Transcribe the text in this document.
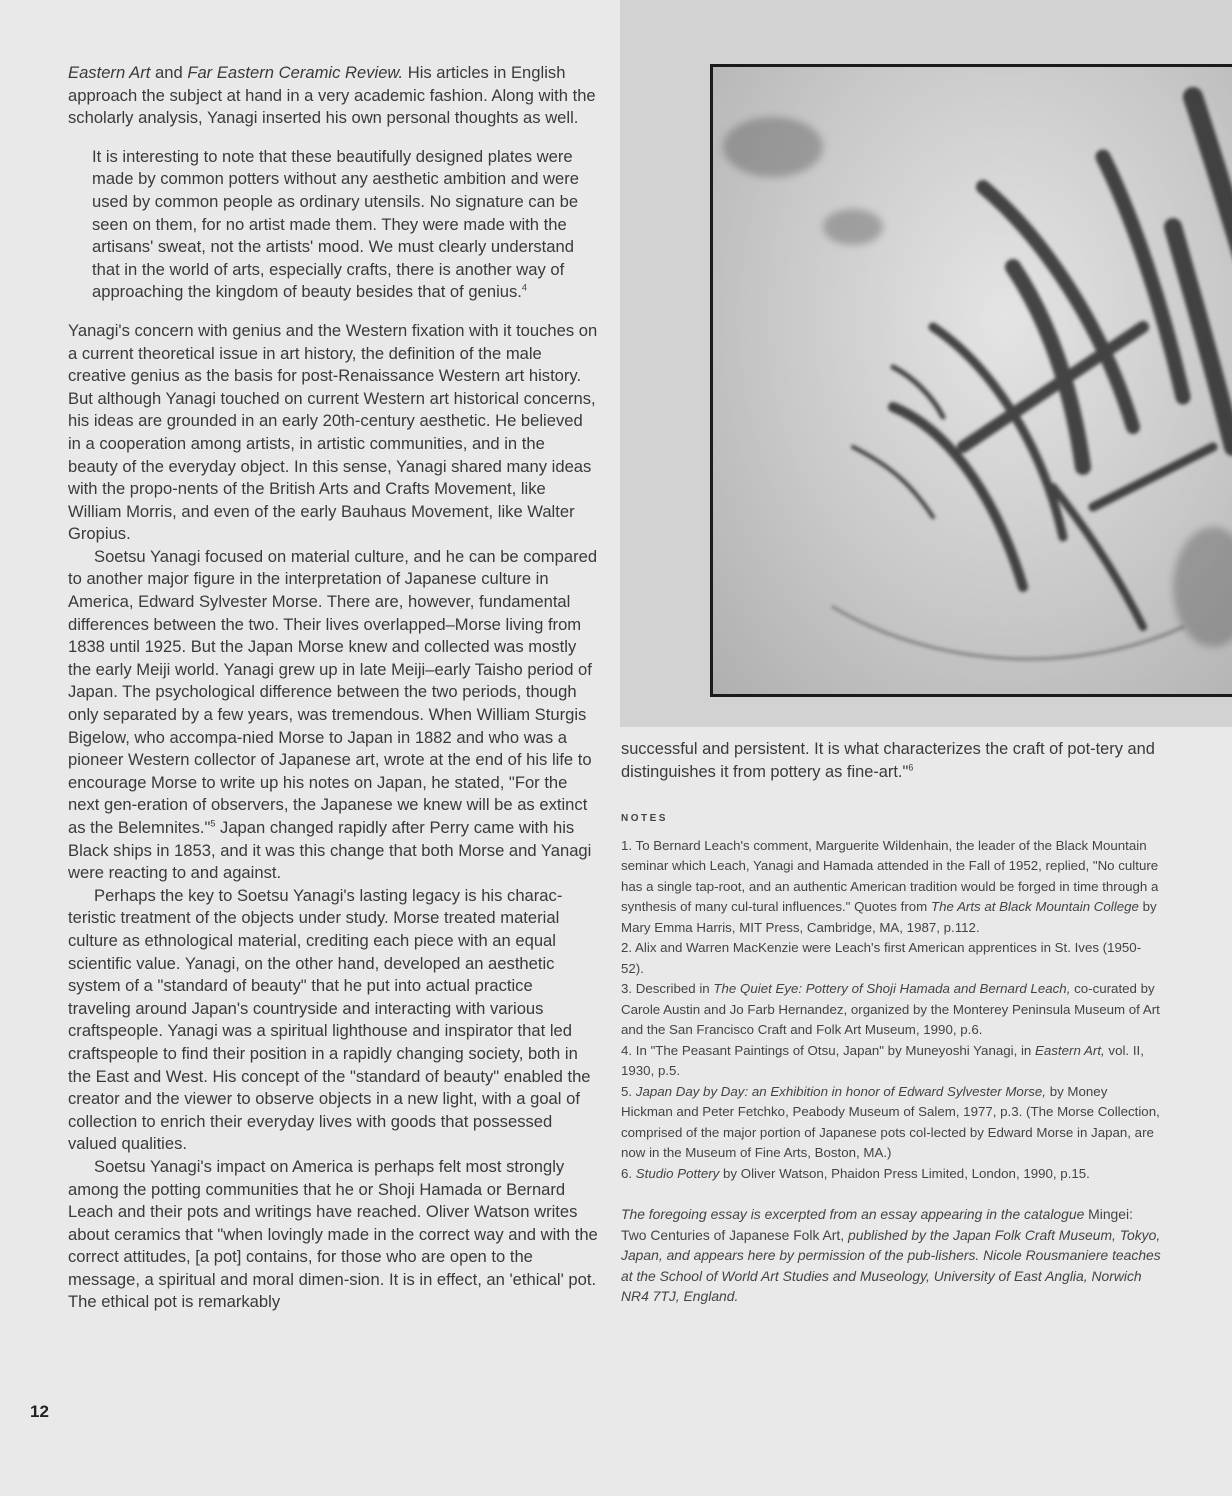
Eastern Art and Far Eastern Ceramic Review. His articles in English approach the subject at hand in a very academic fashion. Along with the scholarly analysis, Yanagi inserted his own personal thoughts as well.

It is interesting to note that these beautifully designed plates were made by common potters without any aesthetic ambition and were used by common people as ordinary utensils. No signature can be seen on them, for no artist made them. They were made with the artisans' sweat, not the artists' mood. We must clearly understand that in the world of arts, especially crafts, there is another way of approaching the kingdom of beauty besides that of genius.$^4$

Yanagi's concern with genius and the Western fixation with it touches on a current theoretical issue in art history, the definition of the male creative genius as the basis for post-Renaissance Western art history. But although Yanagi touched on current Western art historical concerns, his ideas are grounded in an early 20th-century aesthetic. He believed in a cooperation among artists, in artistic communities, and in the beauty of the everyday object. In this sense, Yanagi shared many ideas with the propo-nents of the British Arts and Crafts Movement, like William Morris, and even of the early Bauhaus Movement, like Walter Gropius.

Soetsu Yanagi focused on material culture, and he can be compared to another major figure in the interpretation of Japanese culture in America, Edward Sylvester Morse. There are, however, fundamental differences between the two. Their lives overlapped–Morse living from 1838 until 1925. But the Japan Morse knew and collected was mostly the early Meiji world. Yanagi grew up in late Meiji–early Taisho period of Japan. The psychological difference between the two periods, though only separated by a few years, was tremendous. When William Sturgis Bigelow, who accompa-nied Morse to Japan in 1882 and who was a pioneer Western collector of Japanese art, wrote at the end of his life to encourage Morse to write up his notes on Japan, he stated, "For the next gen-eration of observers, the Japanese we knew will be as extinct as the Belemnites."$^5$ Japan changed rapidly after Perry came with his Black ships in 1853, and it was this change that both Morse and Yanagi were reacting to and against.

Perhaps the key to Soetsu Yanagi's lasting legacy is his charac-teristic treatment of the objects under study. Morse treated material culture as ethnological material, crediting each piece with an equal scientific value. Yanagi, on the other hand, developed an aesthetic system of a "standard of beauty" that he put into actual practice traveling around Japan's countryside and interacting with various craftspeople. Yanagi was a spiritual lighthouse and inspirator that led craftspeople to find their position in a rapidly changing society, both in the East and West. His concept of the "standard of beauty" enabled the creator and the viewer to observe objects in a new light, with a goal of collection to enrich their everyday lives with goods that possessed valued qualities.

Soetsu Yanagi's impact on America is perhaps felt most strongly among the potting communities that he or Shoji Hamada or Bernard Leach and their pots and writings have reached. Oliver Watson writes about ceramics that "when lovingly made in the correct way and with the correct attitudes, [a pot] contains, for those who are open to the message, a spiritual and moral dimen-sion. It is in effect, an 'ethical' pot. The ethical pot is remarkably

12

successful and persistent. It is what characterizes the craft of pot-tery and distinguishes it from pottery as fine-art."$^6$

NOTES

1. To Bernard Leach's comment, Marguerite Wildenhain, the leader of the Black Mountain seminar which Leach, Yanagi and Hamada attended in the Fall of 1952, replied, "No culture has a single tap-root, and an authentic American tradition would be forged in time through a synthesis of many cul-tural influences." Quotes from The Arts at Black Mountain College by Mary Emma Harris, MIT Press, Cambridge, MA, 1987, p.112.

2. Alix and Warren MacKenzie were Leach's first American apprentices in St. Ives (1950-52).

3. Described in The Quiet Eye: Pottery of Shoji Hamada and Bernard Leach, co-curated by Carole Austin and Jo Farb Hernandez, organized by the Monterey Peninsula Museum of Art and the San Francisco Craft and Folk Art Museum, 1990, p.6.

4. In "The Peasant Paintings of Otsu, Japan" by Muneyoshi Yanagi, in Eastern Art, vol. II, 1930, p.5.

5. Japan Day by Day: an Exhibition in honor of Edward Sylvester Morse, by Money Hickman and Peter Fetchko, Peabody Museum of Salem, 1977, p.3. (The Morse Collection, comprised of the major portion of Japanese pots col-lected by Edward Morse in Japan, are now in the Museum of Fine Arts, Boston, MA.)

6. Studio Pottery by Oliver Watson, Phaidon Press Limited, London, 1990, p.15.

The foregoing essay is excerpted from an essay appearing in the catalogue Mingei: Two Centuries of Japanese Folk Art, published by the Japan Folk Craft Museum, Tokyo, Japan, and appears here by permission of the pub-lishers. Nicole Rousmaniere teaches at the School of World Art Studies and Museology, University of East Anglia, Norwich NR4 7TJ, England.
